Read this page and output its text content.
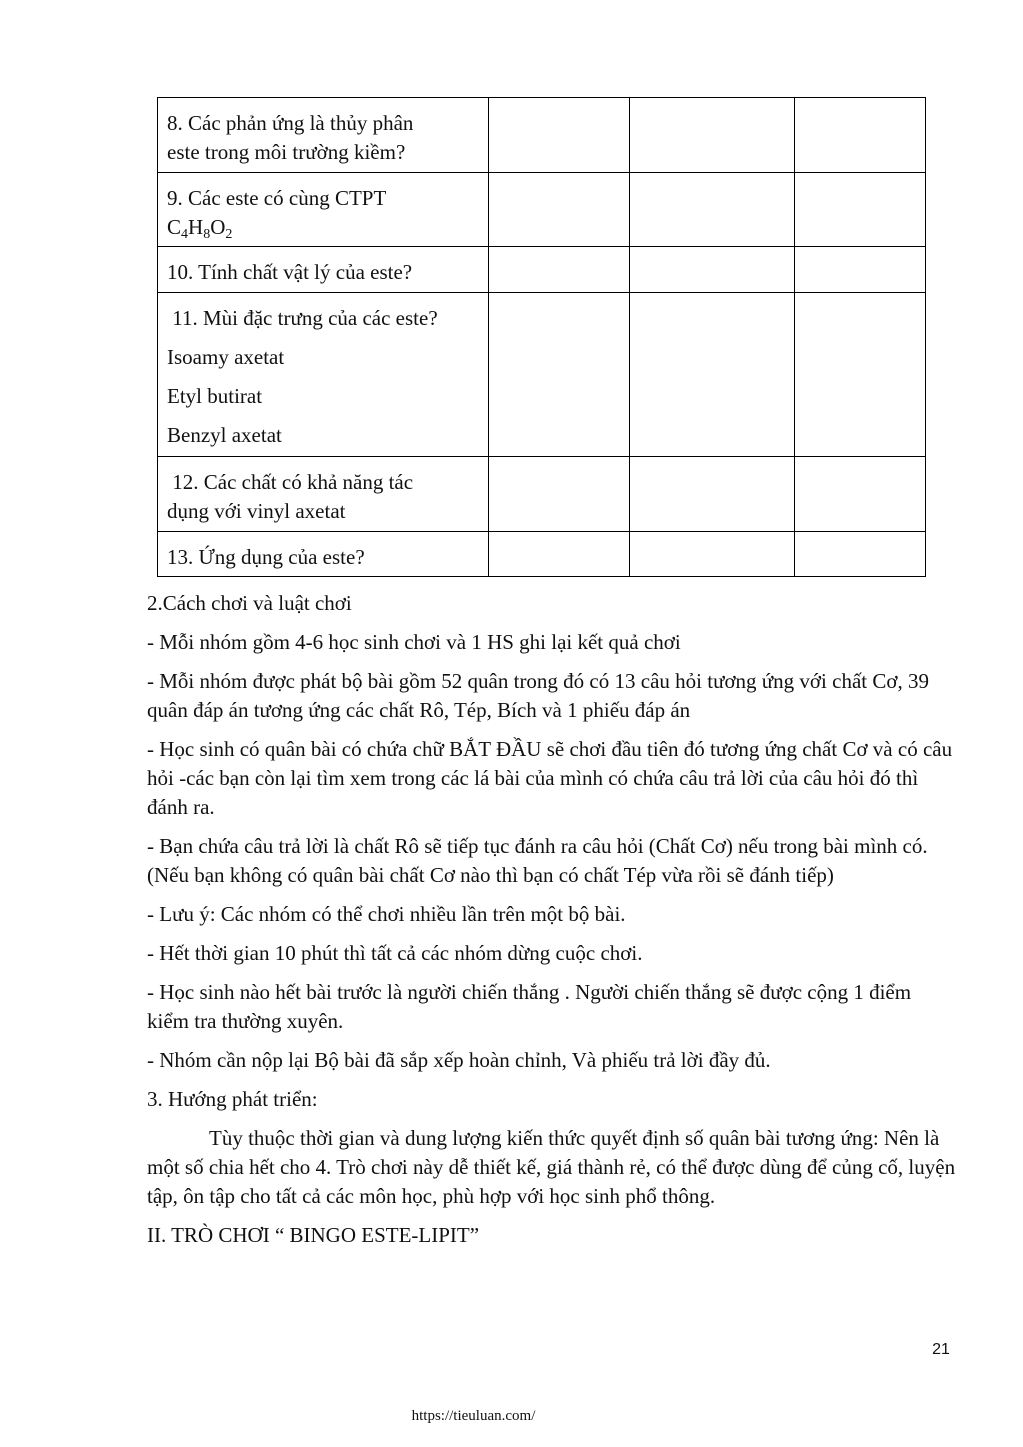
8. Các phản ứng là thủy phân
este trong môi trường kiềm?			

9. Các este có cùng CTPT
$C_4H_8O_2$

10. Tính chất vật lý của este?			

11. Mùi đặc trưng của các este?
Isoamy axetat
Etyl butirat
Benzyl axetat			

12. Các chất có khả năng tác
dụng với vinyl axetat			

13. Ứng dụng của este?			

2.Cách chơi và luật chơi

- Mỗi nhóm gồm 4-6 học sinh chơi và 1 HS ghi lại kết quả chơi

- Mỗi nhóm được phát bộ bài gồm 52 quân trong đó có 13 câu hỏi tương ứng với chất Cơ, 39 quân đáp án tương ứng các chất Rô, Tép, Bích và 1 phiếu đáp án

- Học sinh có quân bài có chứa chữ BẮT ĐẦU sẽ chơi đầu tiên đó tương ứng chất Cơ và có câu hỏi -các bạn còn lại tìm xem trong các lá bài của mình có chứa câu trả lời của câu hỏi đó thì đánh ra.

- Bạn chứa câu trả lời là chất Rô sẽ tiếp tục đánh ra câu hỏi (Chất Cơ) nếu trong bài mình có. (Nếu bạn không có quân bài chất Cơ nào thì bạn có chất Tép vừa rồi sẽ đánh tiếp)

- Lưu ý: Các nhóm có thể chơi nhiều lần trên một bộ bài.

- Hết thời gian 10 phút thì tất cả các nhóm dừng cuộc chơi.

- Học sinh nào hết bài trước là người chiến thắng . Người chiến thắng sẽ được cộng 1 điểm kiểm tra thường xuyên.

- Nhóm cần nộp lại Bộ bài đã sắp xếp hoàn chỉnh, Và phiếu trả lời đầy đủ.

3. Hướng phát triển:

Tùy thuộc thời gian và dung lượng kiến thức quyết định số quân bài tương ứng: Nên là một số chia hết cho 4. Trò chơi này dễ thiết kế, giá thành rẻ, có thể được dùng để củng cố, luyện tập, ôn tập cho tất cả các môn học, phù hợp với học sinh phổ thông.

II. TRÒ CHƠI “ BINGO ESTE-LIPIT”

21
https://tieuluan.com/
